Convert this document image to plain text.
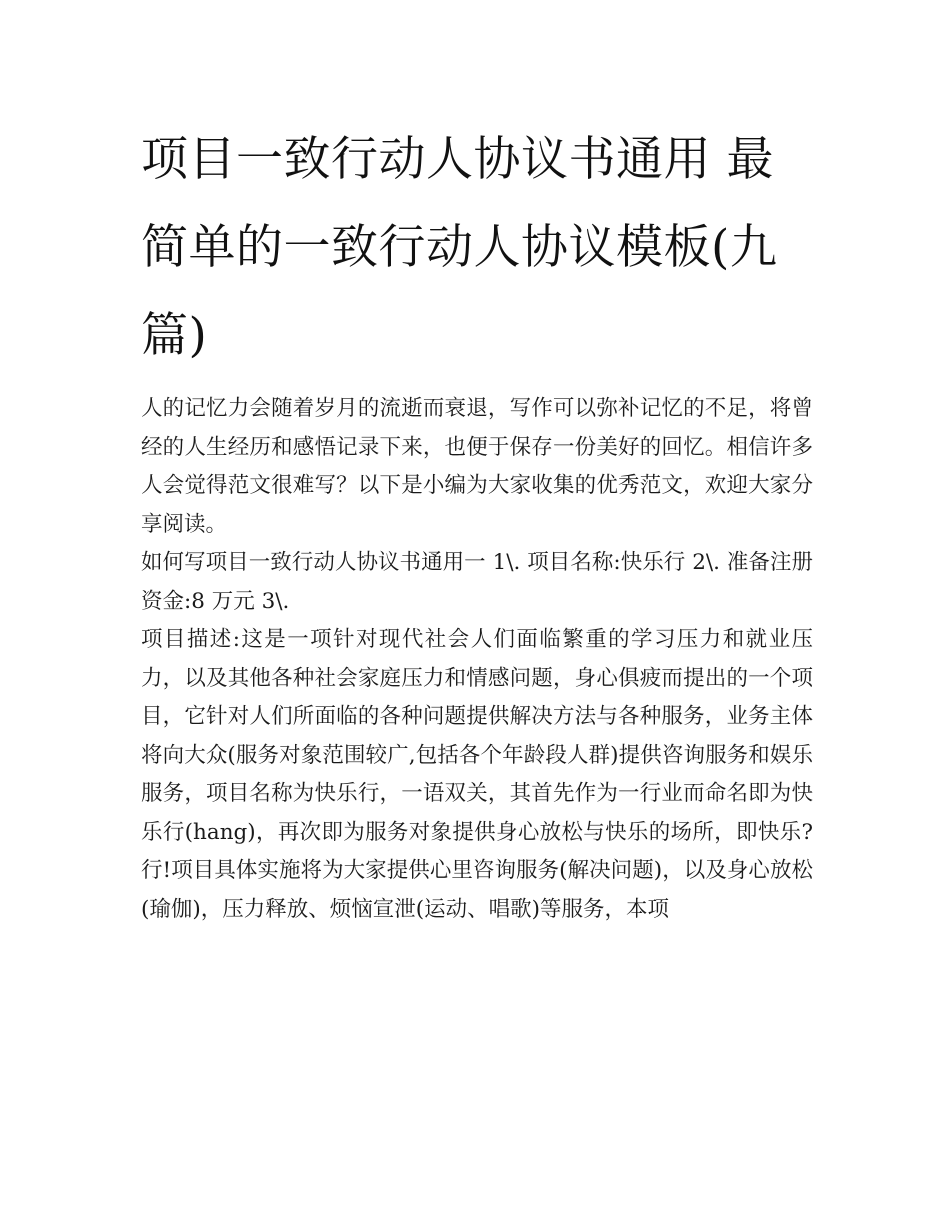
项目一致行动人协议书通用 最简单的一致行动人协议模板(九篇)

人的记忆力会随着岁月的流逝而衰退，写作可以弥补记忆的不足，将曾经的人生经历和感悟记录下来，也便于保存一份美好的回忆。相信许多人会觉得范文很难写？以下是小编为大家收集的优秀范文，欢迎大家分享阅读。

如何写项目一致行动人协议书通用一 1\. 项目名称:快乐行 2\. 准备注册资金:8 万元 3\.

项目描述:这是一项针对现代社会人们面临繁重的学习压力和就业压力，以及其他各种社会家庭压力和情感问题，身心俱疲而提出的一个项目，它针对人们所面临的各种问题提供解决方法与各种服务，业务主体将向大众(服务对象范围较广,包括各个年龄段人群)提供咨询服务和娱乐服务，项目名称为快乐行，一语双关，其首先作为一行业而命名即为快乐行(hang)，再次即为服务对象提供身心放松与快乐的场所，即快乐?行!项目具体实施将为大家提供心里咨询服务(解决问题)，以及身心放松(瑜伽)，压力释放、烦恼宣泄(运动、唱歌)等服务，本项
